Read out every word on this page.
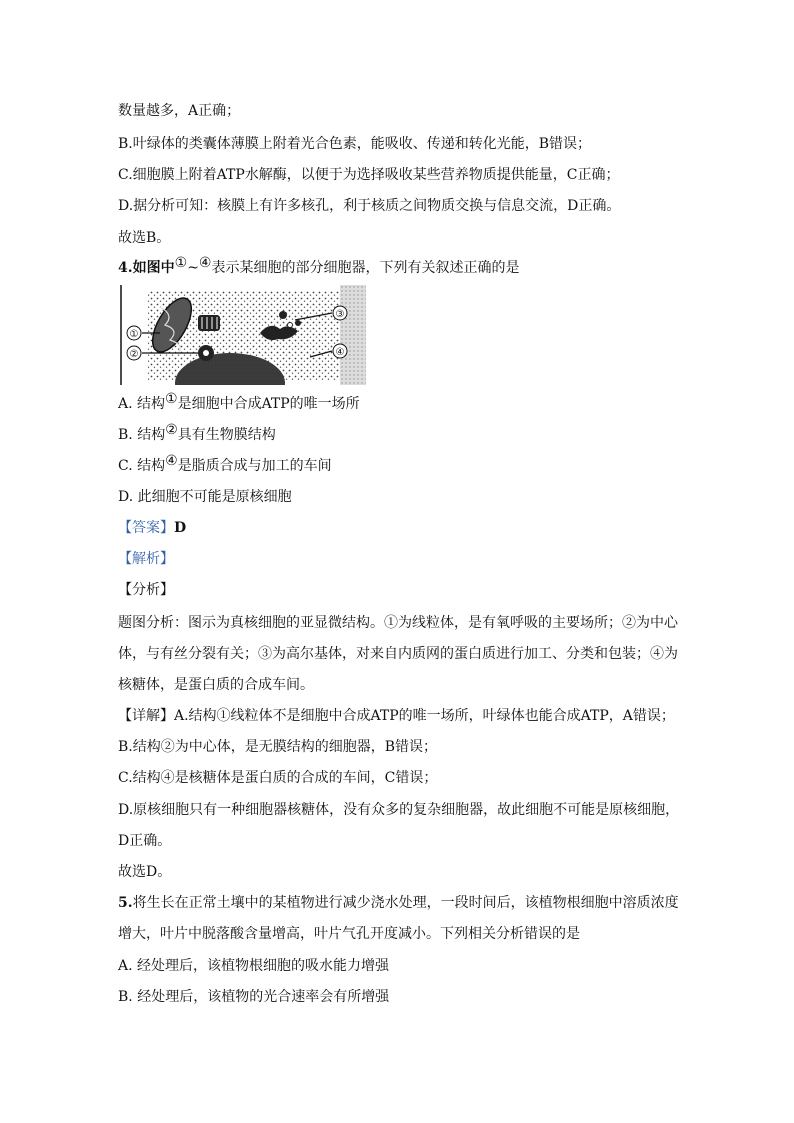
数量越多，A正确；
B.叶绿体的类囊体薄膜上附着光合色素，能吸收、传递和转化光能，B错误；
C.细胞膜上附着ATP水解酶，以便于为选择吸收某些营养物质提供能量，C正确；
D.据分析可知：核膜上有许多核孔，利于核质之间物质交换与信息交流，D正确。
故选B。
4.如图中①~④表示某细胞的部分细胞器，下列有关叙述正确的是
①
②
③
④
A. 结构①是细胞中合成ATP的唯一场所
B. 结构②具有生物膜结构
C. 结构④是脂质合成与加工的车间
D. 此细胞不可能是原核细胞
【答案】D
【解析】
【分析】
题图分析：图示为真核细胞的亚显微结构。①为线粒体，是有氧呼吸的主要场所；②为中心
体，与有丝分裂有关；③为高尔基体，对来自内质网的蛋白质进行加工、分类和包装；④为
核糖体，是蛋白质的合成车间。
【详解】A.结构①线粒体不是细胞中合成ATP的唯一场所，叶绿体也能合成ATP，A错误；
B.结构②为中心体，是无膜结构的细胞器，B错误；
C.结构④是核糖体是蛋白质的合成的车间，C错误；
D.原核细胞只有一种细胞器核糖体，没有众多的复杂细胞器，故此细胞不可能是原核细胞，
D正确。
故选D。
5.将生长在正常土壤中的某植物进行减少浇水处理，一段时间后，该植物根细胞中溶质浓度
增大，叶片中脱落酸含量增高，叶片气孔开度减小。下列相关分析错误的是
A. 经处理后，该植物根细胞的吸水能力增强
B. 经处理后，该植物的光合速率会有所增强
